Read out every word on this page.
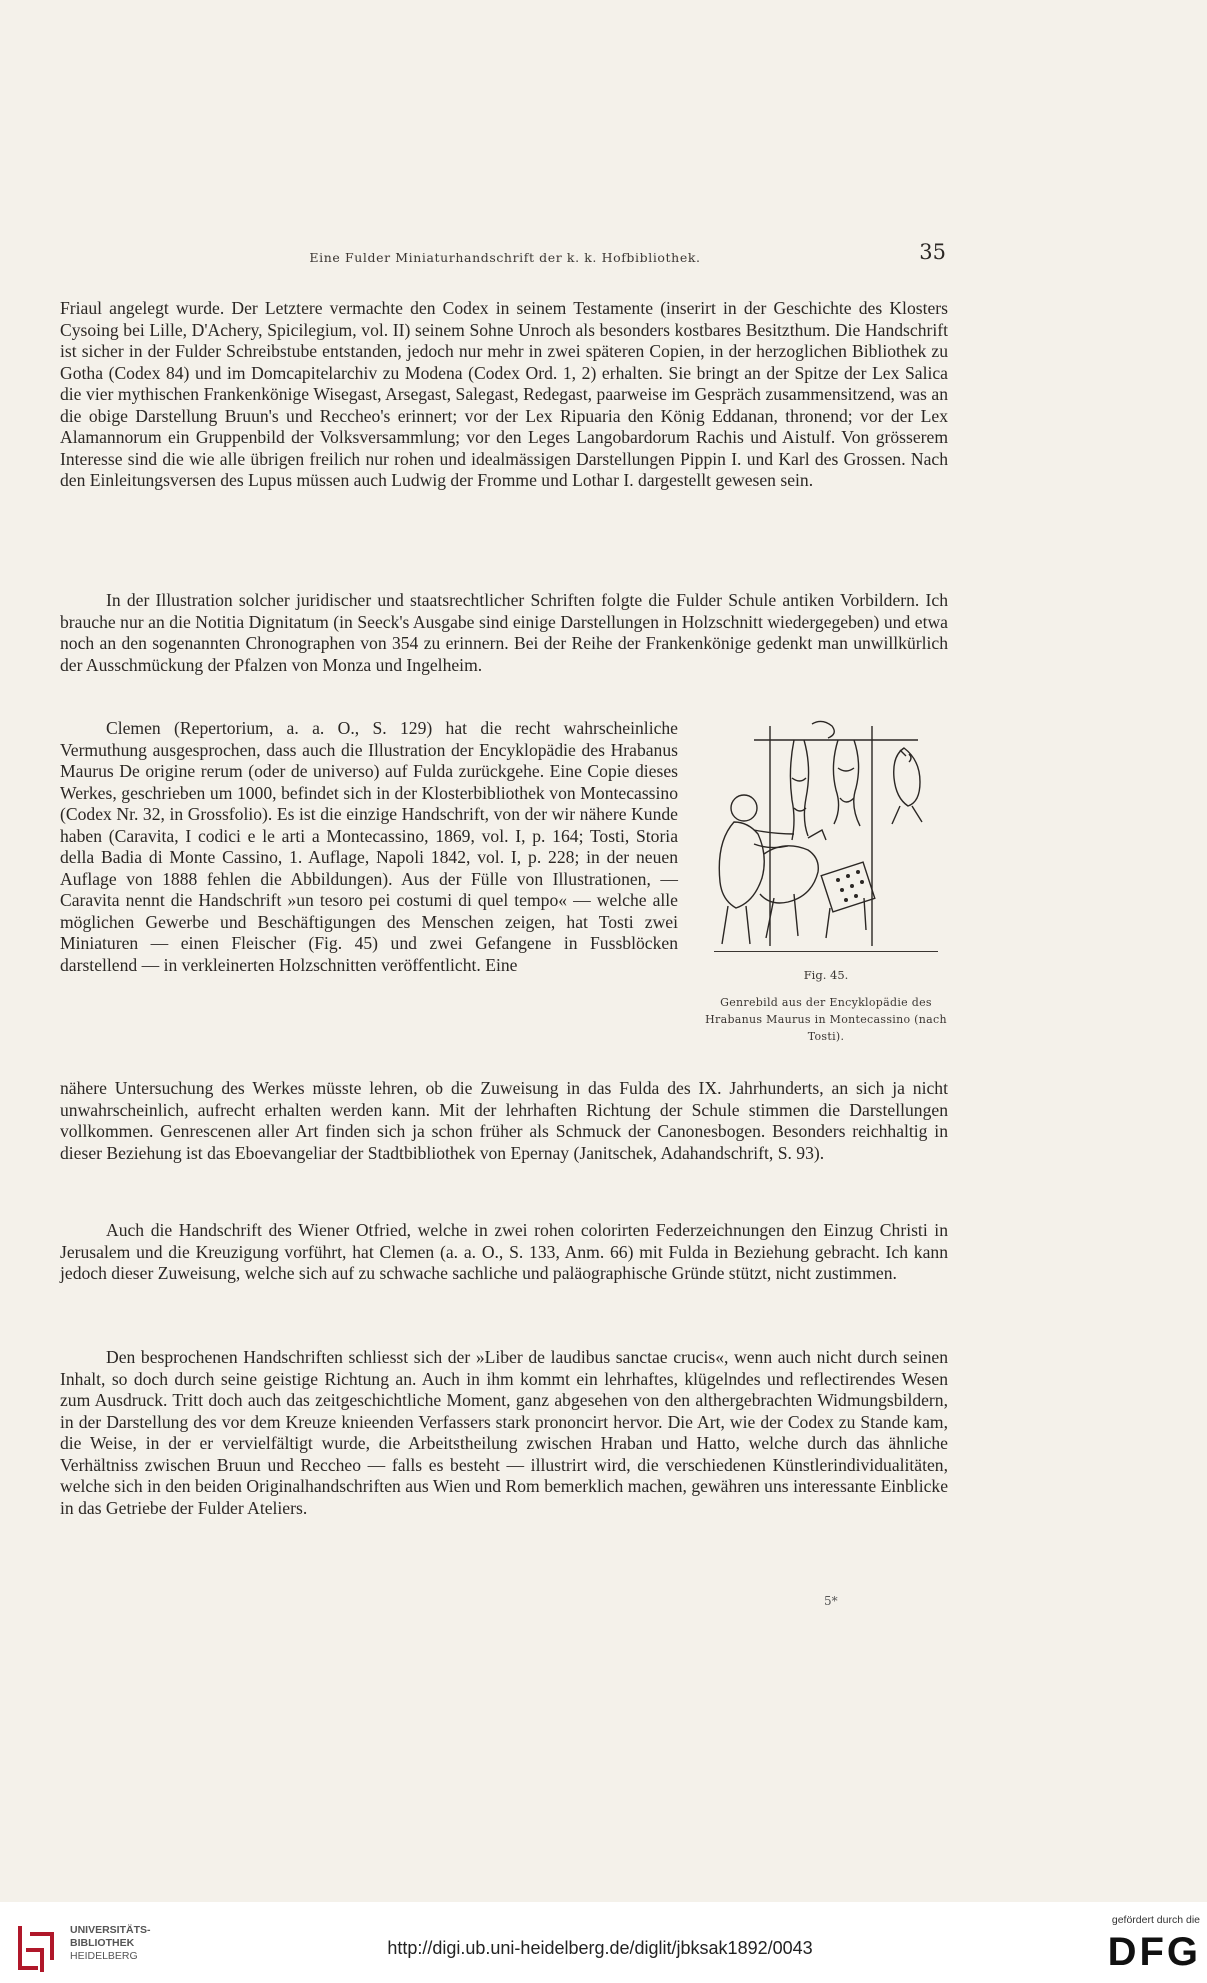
Eine Fulder Miniaturhandschrift der k. k. Hofbibliothek.	35

Friaul angelegt wurde. Der Letztere vermachte den Codex in seinem Testamente (inserirt in der Geschichte des Klosters Cysoing bei Lille, D'Achery, Spicilegium, vol. II) seinem Sohne Unroch als besonders kostbares Besitzthum. Die Handschrift ist sicher in der Fulder Schreibstube entstanden, jedoch nur mehr in zwei späteren Copien, in der herzoglichen Bibliothek zu Gotha (Codex 84) und im Domcapitelarchiv zu Modena (Codex Ord. 1, 2) erhalten. Sie bringt an der Spitze der Lex Salica die vier mythischen Frankenkönige Wisegast, Arsegast, Salegast, Redegast, paarweise im Gespräch zusammensitzend, was an die obige Darstellung Bruun's und Reccheo's erinnert; vor der Lex Ripuaria den König Eddanan, thronend; vor der Lex Alamannorum ein Gruppenbild der Volksversammlung; vor den Leges Langobardorum Rachis und Aistulf. Von grösserem Interesse sind die wie alle übrigen freilich nur rohen und idealmässigen Darstellungen Pippin I. und Karl des Grossen. Nach den Einleitungsversen des Lupus müssen auch Ludwig der Fromme und Lothar I. dargestellt gewesen sein.

In der Illustration solcher juridischer und staatsrechtlicher Schriften folgte die Fulder Schule antiken Vorbildern. Ich brauche nur an die Notitia Dignitatum (in Seeck's Ausgabe sind einige Darstellungen in Holzschnitt wiedergegeben) und etwa noch an den sogenannten Chronographen von 354 zu erinnern. Bei der Reihe der Frankenkönige gedenkt man unwillkürlich der Ausschmückung der Pfalzen von Monza und Ingelheim.

Clemen (Repertorium, a. a. O., S. 129) hat die recht wahrscheinliche Vermuthung ausgesprochen, dass auch die Illustration der Encyklopädie des Hrabanus Maurus De origine rerum (oder de universo) auf Fulda zurückgehe. Eine Copie dieses Werkes, geschrieben um 1000, befindet sich in der Klosterbibliothek von Montecassino (Codex Nr. 32, in Grossfolio). Es ist die einzige Handschrift, von der wir nähere Kunde haben (Caravita, I codici e le arti a Montecassino, 1869, vol. I, p. 164; Tosti, Storia della Badia di Monte Cassino, 1. Auflage, Napoli 1842, vol. I, p. 228; in der neuen Auflage von 1888 fehlen die Abbildungen). Aus der Fülle von Illustrationen, — Caravita nennt die Handschrift »un tesoro pei costumi di quel tempo« — welche alle möglichen Gewerbe und Beschäftigungen des Menschen zeigen, hat Tosti zwei Miniaturen — einen Fleischer (Fig. 45) und zwei Gefangene in Fussblöcken darstellend — in verkleinerten Holzschnitten veröffentlicht. Eine

nähere Untersuchung des Werkes müsste lehren, ob die Zuweisung in das Fulda des IX. Jahrhunderts, an sich ja nicht unwahrscheinlich, aufrecht erhalten werden kann. Mit der lehrhaften Richtung der Schule stimmen die Darstellungen vollkommen. Genrescenen aller Art finden sich ja schon früher als Schmuck der Canonesbogen. Besonders reichhaltig in dieser Beziehung ist das Eboevangeliar der Stadtbibliothek von Epernay (Janitschek, Adahandschrift, S. 93).

Auch die Handschrift des Wiener Otfried, welche in zwei rohen colorirten Federzeichnungen den Einzug Christi in Jerusalem und die Kreuzigung vorführt, hat Clemen (a. a. O., S. 133, Anm. 66) mit Fulda in Beziehung gebracht. Ich kann jedoch dieser Zuweisung, welche sich auf zu schwache sachliche und paläographische Gründe stützt, nicht zustimmen.

Den besprochenen Handschriften schliesst sich der »Liber de laudibus sanctae crucis«, wenn auch nicht durch seinen Inhalt, so doch durch seine geistige Richtung an. Auch in ihm kommt ein lehrhaftes, klügelndes und reflectirendes Wesen zum Ausdruck. Tritt doch auch das zeitgeschichtliche Moment, ganz abgesehen von den althergebrachten Widmungsbildern, in der Darstellung des vor dem Kreuze knieenden Verfassers stark prononcirt hervor. Die Art, wie der Codex zu Stande kam, die Weise, in der er vervielfältigt wurde, die Arbeitstheilung zwischen Hraban und Hatto, welche durch das ähnliche Verhältniss zwischen Bruun und Reccheo — falls es besteht — illustrirt wird, die verschiedenen Künstlerindividualitäten, welche sich in den beiden Originalhandschriften aus Wien und Rom bemerklich machen, gewähren uns interessante Einblicke in das Getriebe der Fulder Ateliers.

Fig. 45.
Genrebild aus der Encyklopädie des Hrabanus Maurus in Montecassino (nach Tosti).
5*
UNIVERSITÄTS-
BIBLIOTHEK
HEIDELBERG	http://digi.ub.uni-heidelberg.de/diglit/jbksak1892/0043
gefördert durch die
DFG
